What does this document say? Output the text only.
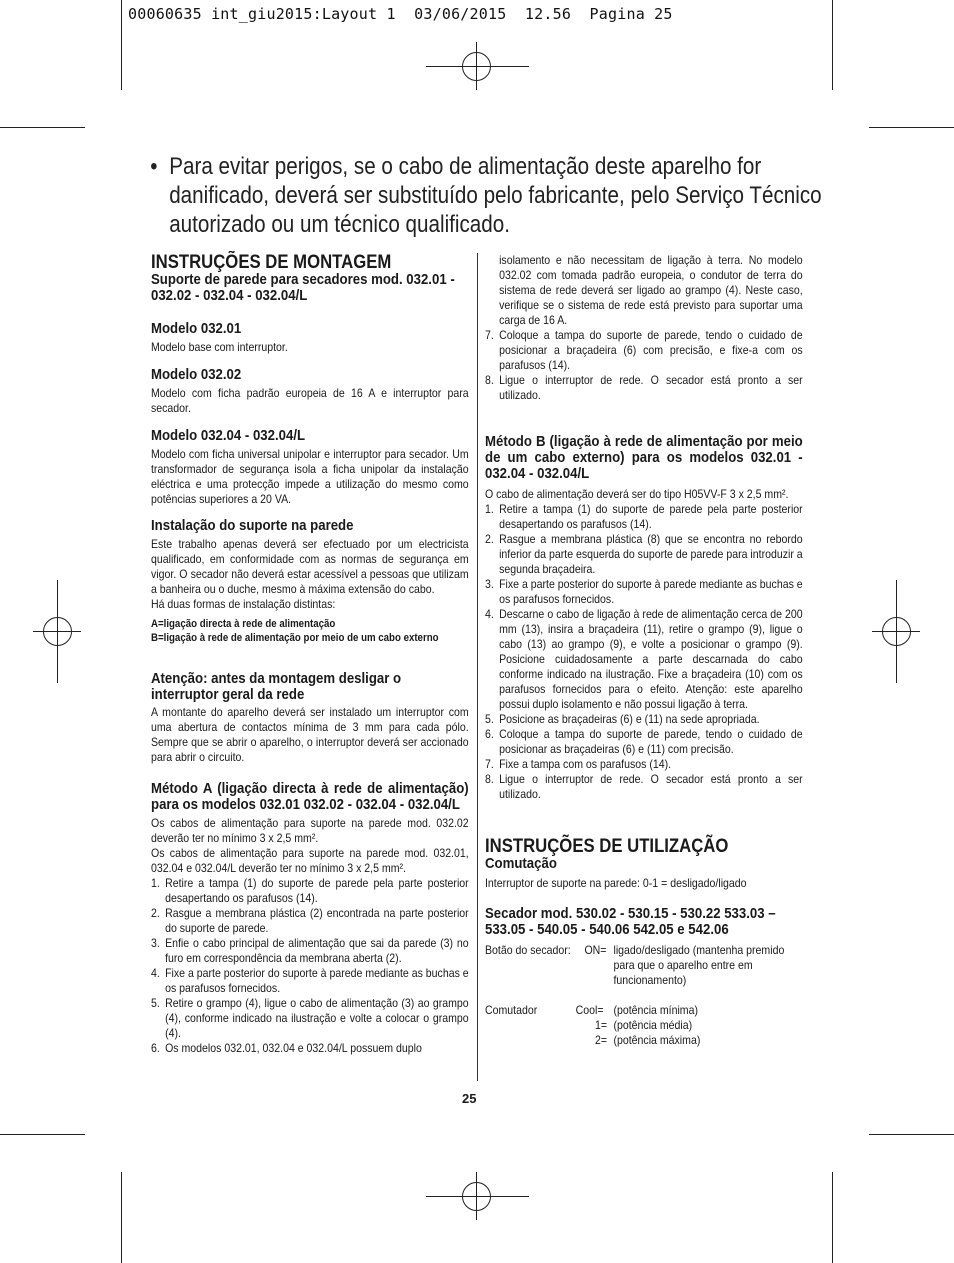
00060635 int_giu2015:Layout 1  03/06/2015  12.56  Pagina 25
• Para evitar perigos, se o cabo de alimentação deste aparelho for danificado, deverá ser substituído pelo fabricante, pelo Serviço Técnico autorizado ou um técnico qualificado.
INSTRUÇÕES DE MONTAGEM
Suporte de parede para secadores mod. 032.01 - 032.02 - 032.04 - 032.04/L
Modelo 032.01

Modelo base com interruptor.

Modelo 032.02

Modelo com ficha padrão europeia de 16 A e interruptor para secador.

Modelo 032.04 - 032.04/L

Modelo com ficha universal unipolar e interruptor para secador. Um transformador de segurança isola a ficha unipolar da instalação eléctrica e uma protecção impede a utilização do mesmo como potências superiores a 20 VA.

Instalação do suporte na parede

Este trabalho apenas deverá ser efectuado por um electricista qualificado, em conformidade com as normas de segurança em vigor. O secador não deverá estar acessível a pessoas que utilizam a banheira ou o duche, mesmo à máxima extensão do cabo.

Há duas formas de instalação distintas:

A=ligação directa à rede de alimentação
B=ligação à rede de alimentação por meio de um cabo externo
Atenção: antes da montagem desligar o interruptor geral da rede

A montante do aparelho deverá ser instalado um interruptor com uma abertura de contactos mínima de 3 mm para cada pólo. Sempre que se abrir o aparelho, o interruptor deverá ser accionado para abrir o circuito.

Método A (ligação directa à rede de alimentação) para os modelos 032.01 032.02 - 032.04 - 032.04/L

Os cabos de alimentação para suporte na parede mod. 032.02 deverão ter no mínimo 3 x 2,5 mm².

Os cabos de alimentação para suporte na parede mod. 032.01, 032.04 e 032.04/L deverão ter no mínimo 3 x 2,5 mm².

1. Retire a tampa (1) do suporte de parede pela parte posterior desapertando os parafusos (14).
2. Rasgue a membrana plástica (2) encontrada na parte posterior do suporte de parede.
3. Enfie o cabo principal de alimentação que sai da parede (3) no furo em correspondência da membrana aberta (2).
4. Fixe a parte posterior do suporte à parede mediante as buchas e os parafusos fornecidos.
5. Retire o grampo (4), ligue o cabo de alimentação (3) ao grampo (4), conforme indicado na ilustração e volte a colocar o grampo (4).
6. Os modelos 032.01, 032.04 e 032.04/L possuem duplo

isolamento e não necessitam de ligação à terra. No modelo 032.02 com tomada padrão europeia, o condutor de terra do sistema de rede deverá ser ligado ao grampo (4). Neste caso, verifique se o sistema de rede está previsto para suportar uma carga de 16 A.

7. Coloque a tampa do suporte de parede, tendo o cuidado de posicionar a braçadeira (6) com precisão, e fixe-a com os parafusos (14).
8. Ligue o interruptor de rede. O secador está pronto a ser utilizado.
Método B (ligação à rede de alimentação por meio de um cabo externo) para os modelos 032.01 - 032.04 - 032.04/L

O cabo de alimentação deverá ser do tipo H05VV-F 3 x 2,5 mm².

1. Retire a tampa (1) do suporte de parede pela parte posterior desapertando os parafusos (14).
2. Rasgue a membrana plástica (8) que se encontra no rebordo inferior da parte esquerda do suporte de parede para introduzir a segunda braçadeira.
3. Fixe a parte posterior do suporte à parede mediante as buchas e os parafusos fornecidos.
4. Descarne o cabo de ligação à rede de alimentação cerca de 200 mm (13), insira a braçadeira (11), retire o grampo (9), ligue o cabo (13) ao grampo (9), e volte a posicionar o grampo (9). Posicione cuidadosamente a parte descarnada do cabo conforme indicado na ilustração. Fixe a braçadeira (10) com os parafusos fornecidos para o efeito. Atenção: este aparelho possui duplo isolamento e não possui ligação à terra.
5. Posicione as braçadeiras (6) e (11) na sede apropriada.
6. Coloque a tampa do suporte de parede, tendo o cuidado de posicionar as braçadeiras (6) e (11) com precisão.
7. Fixe a tampa com os parafusos (14).
8. Ligue o interruptor de rede. O secador está pronto a ser utilizado.
INSTRUÇÕES DE UTILIZAÇÃO
Comutação

Interruptor de suporte na parede: 0-1 = desligado/ligado

Secador mod. 530.02 - 530.15 - 530.22 533.03 – 533.05 - 540.05 - 540.06 542.05 e 542.06
Botão do secador:	ON= ligado/desligado (mantenha premido para que o aparelho entre em funcionamento)
Comutador	Cool= (potência mínima)
1= (potência média)
2= (potência máxima)
25
